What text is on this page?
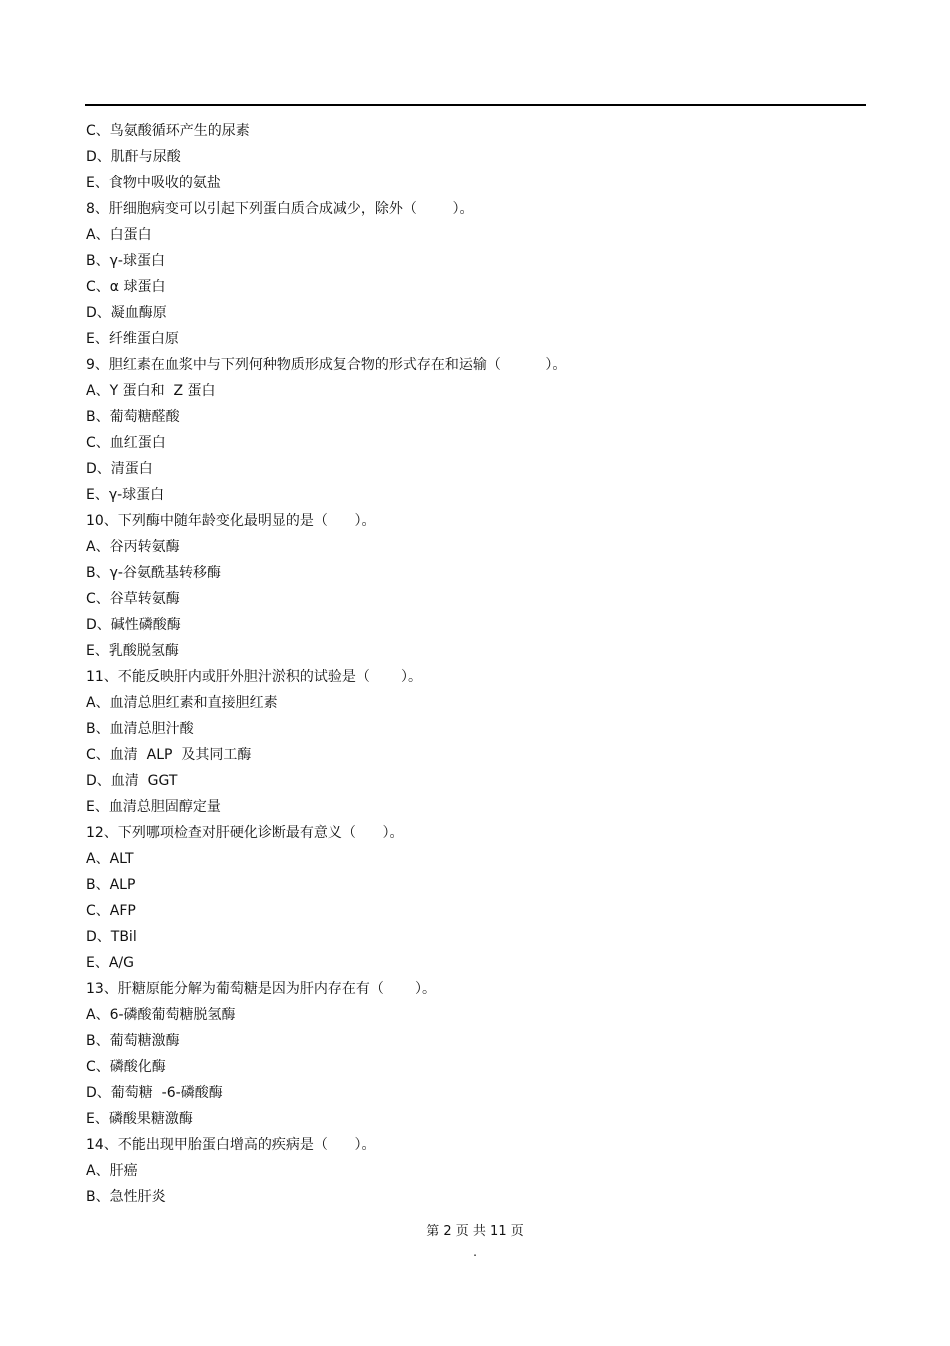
C、鸟氨酸循环产生的尿素
D、肌酐与尿酸
E、食物中吸收的氨盐
8、肝细胞病变可以引起下列蛋白质合成减少，除外（        ）。
A、白蛋白
B、γ-球蛋白
C、α 球蛋白
D、凝血酶原
E、纤维蛋白原
9、胆红素在血浆中与下列何种物质形成复合物的形式存在和运输（          ）。
A、Y 蛋白和  Z 蛋白
B、葡萄糖醛酸
C、血红蛋白
D、清蛋白
E、γ-球蛋白
10、下列酶中随年龄变化最明显的是（      ）。
A、谷丙转氨酶
B、γ-谷氨酰基转移酶
C、谷草转氨酶
D、碱性磷酸酶
E、乳酸脱氢酶
11、不能反映肝内或肝外胆汁淤积的试验是（       ）。
A、血清总胆红素和直接胆红素
B、血清总胆汁酸
C、血清  ALP  及其同工酶
D、血清  GGT
E、血清总胆固醇定量
12、下列哪项检查对肝硬化诊断最有意义（      ）。
A、ALT
B、ALP
C、AFP
D、TBil
E、A/G
13、肝糖原能分解为葡萄糖是因为肝内存在有（       ）。
A、6-磷酸葡萄糖脱氢酶
B、葡萄糖激酶
C、磷酸化酶
D、葡萄糖  -6-磷酸酶
E、磷酸果糖激酶
14、不能出现甲胎蛋白增高的疾病是（      ）。
A、肝癌
B、急性肝炎
第 2 页 共 11 页
.
